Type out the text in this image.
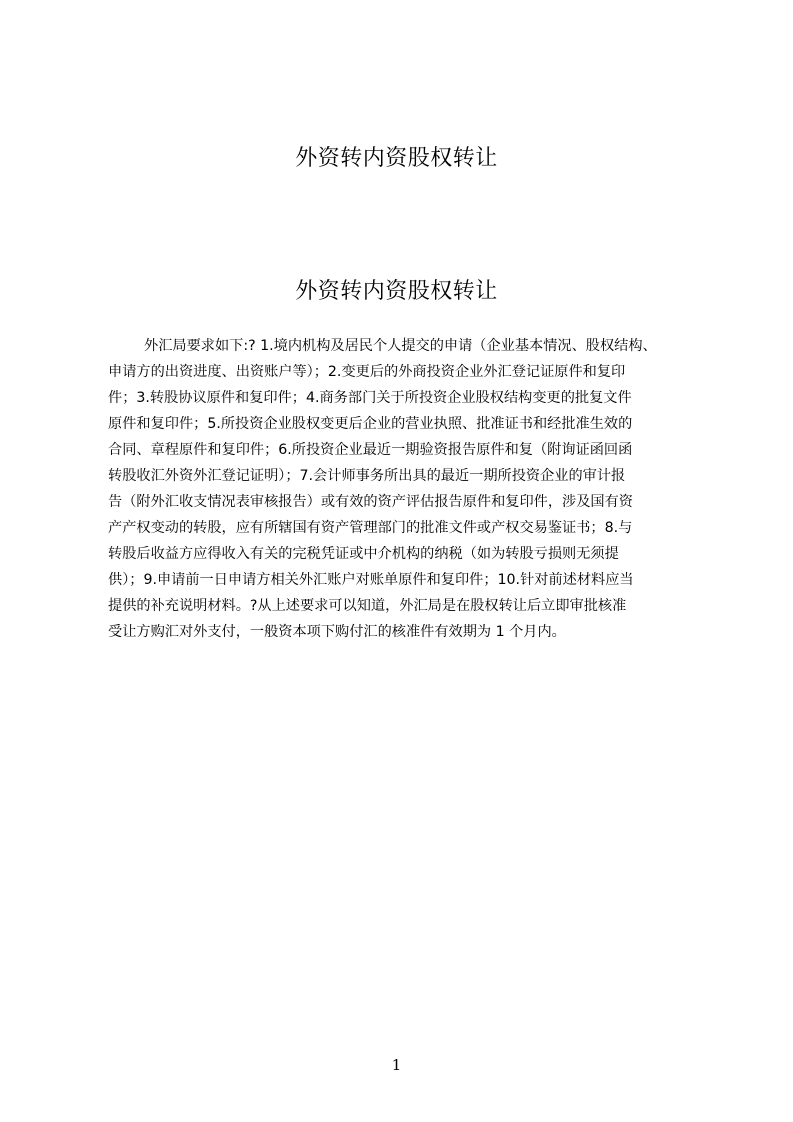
外资转内资股权转让
外资转内资股权转让
外汇局要求如下:? 1.境内机构及居民个人提交的申请（企业基本情况、股权结构、
申请方的出资进度、出资账户等）；2.变更后的外商投资企业外汇登记证原件和复印
件；3.转股协议原件和复印件；4.商务部门关于所投资企业股权结构变更的批复文件
原件和复印件；5.所投资企业股权变更后企业的营业执照、批准证书和经批准生效的
合同、章程原件和复印件；6.所投资企业最近一期验资报告原件和复（附询证函回函
转股收汇外资外汇登记证明）；7.会计师事务所出具的最近一期所投资企业的审计报
告（附外汇收支情况表审核报告）或有效的资产评估报告原件和复印件，涉及国有资
产产权变动的转股，应有所辖国有资产管理部门的批准文件或产权交易鉴证书；8.与
转股后收益方应得收入有关的完税凭证或中介机构的纳税（如为转股亏损则无须提
供）；9.申请前一日申请方相关外汇账户对账单原件和复印件；10.针对前述材料应当
提供的补充说明材料。?从上述要求可以知道，外汇局是在股权转让后立即审批核准
受让方购汇对外支付，一般资本项下购付汇的核准件有效期为 1 个月内。
1
